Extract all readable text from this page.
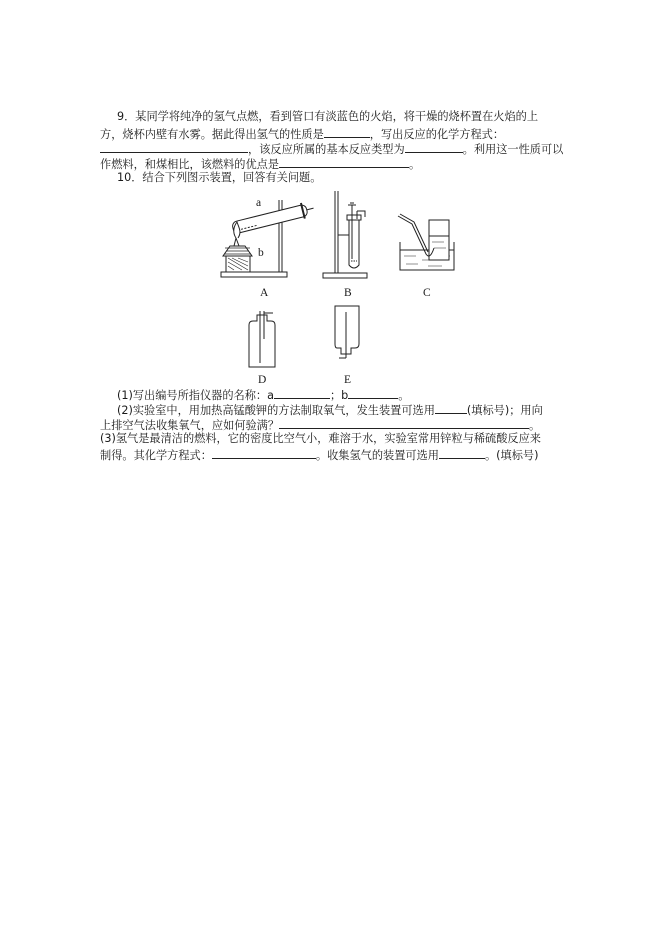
9．某同学将纯净的氢气点燃，看到管口有淡蓝色的火焰，将干燥的烧杯置在火焰的上
方，烧杯内壁有水雾。据此得出氢气的性质是	，写出反应的化学方程式：
，该反应所属的基本反应类型为	。利用这一性质可以
作燃料，和煤相比，该燃料的优点是	。
10．结合下列图示装置，回答有关问题。
a
b
A	B	C
D	E
(1)写出编号所指仪器的名称：a	；b	。
(2)实验室中，用加热高锰酸钾的方法制取氧气，发生装置可选用	(填标号)；用向
上排空气法收集氧气，应如何验满？	。
(3)氢气是最清洁的燃料，它的密度比空气小，难溶于水，实验室常用锌粒与稀硫酸反应来
制得。其化学方程式：	。收集氢气的装置可选用	。(填标号)
